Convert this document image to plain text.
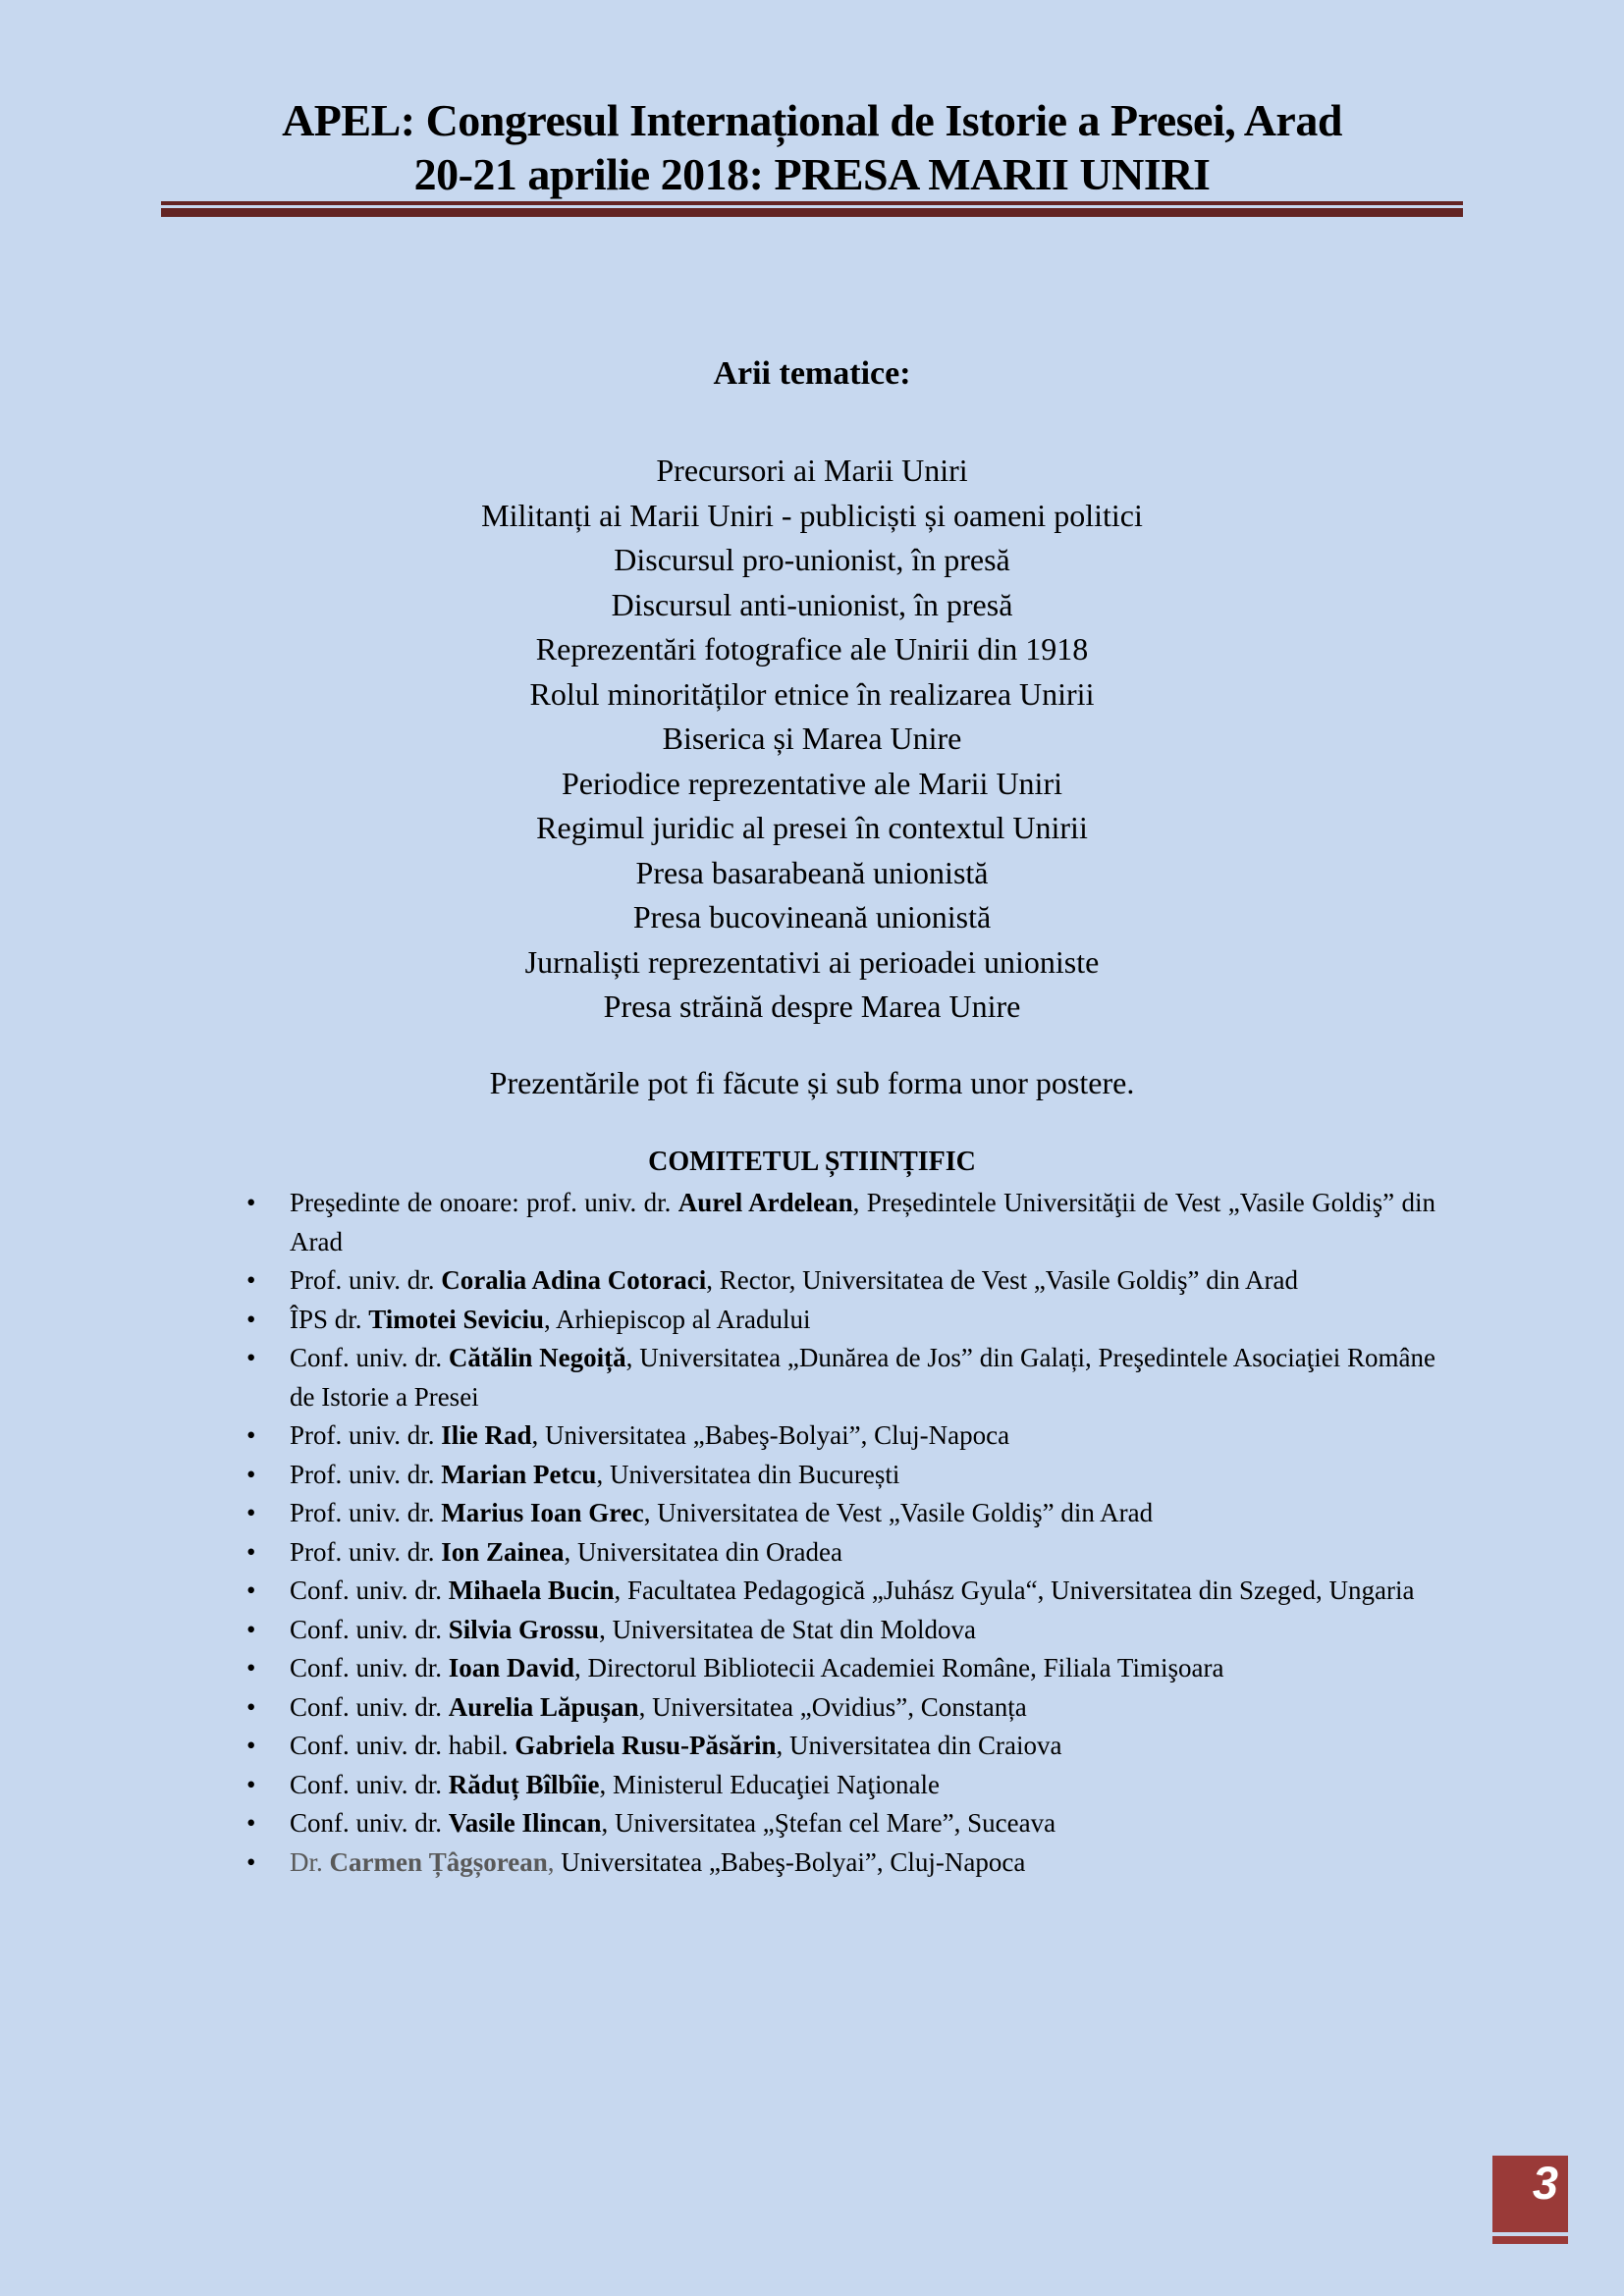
APEL: Congresul Internațional de Istorie a Presei, Arad
20-21 aprilie 2018: PRESA MARII UNIRI
Arii tematice:
Precursori ai Marii Uniri
Militanți ai Marii Uniri - publiciști și oameni politici
Discursul pro-unionist, în presă
Discursul anti-unionist, în presă
Reprezentări fotografice ale Unirii din 1918
Rolul minorităților etnice în realizarea Unirii
Biserica și Marea Unire
Periodice reprezentative ale Marii Uniri
Regimul juridic al presei în contextul Unirii
Presa basarabeană unionistă
Presa bucovineană unionistă
Jurnaliști reprezentativi ai perioadei unioniste
Presa străină despre Marea Unire
Prezentările pot fi făcute și sub forma unor postere.
COMITETUL ȘTIINȚIFIC
• Preşedinte de onoare: prof. univ. dr. Aurel Ardelean, Președintele Universităţii de Vest „Vasile Goldiş” din Arad
• Prof. univ. dr. Coralia Adina Cotoraci, Rector, Universitatea de Vest „Vasile Goldiş” din Arad
• ÎPS dr. Timotei Seviciu, Arhiepiscop al Aradului
• Conf. univ. dr. Cătălin Negoiță, Universitatea „Dunărea de Jos” din Galați, Preşedintele Asociaţiei Române de Istorie a Presei
• Prof. univ. dr. Ilie Rad, Universitatea „Babeş-Bolyai”, Cluj-Napoca
• Prof. univ. dr. Marian Petcu, Universitatea din București
• Prof. univ. dr. Marius Ioan Grec, Universitatea de Vest „Vasile Goldiş” din Arad
• Prof. univ. dr. Ion Zainea, Universitatea din Oradea
• Conf. univ. dr. Mihaela Bucin, Facultatea Pedagogică „Juhász Gyula“, Universitatea din Szeged, Ungaria
• Conf. univ. dr. Silvia Grossu, Universitatea de Stat din Moldova
• Conf. univ. dr. Ioan David, Directorul Bibliotecii Academiei Române, Filiala Timişoara
• Conf. univ. dr. Aurelia Lăpușan, Universitatea „Ovidius”, Constanța
• Conf. univ. dr. habil. Gabriela Rusu-Păsărin, Universitatea din Craiova
• Conf. univ. dr. Răduț Bîlbîie, Ministerul Educaţiei Naţionale
• Conf. univ. dr. Vasile Ilincan, Universitatea „Ştefan cel Mare”, Suceava
• Dr. Carmen Țâgșorean, Universitatea „Babeş-Bolyai”, Cluj-Napoca
3
